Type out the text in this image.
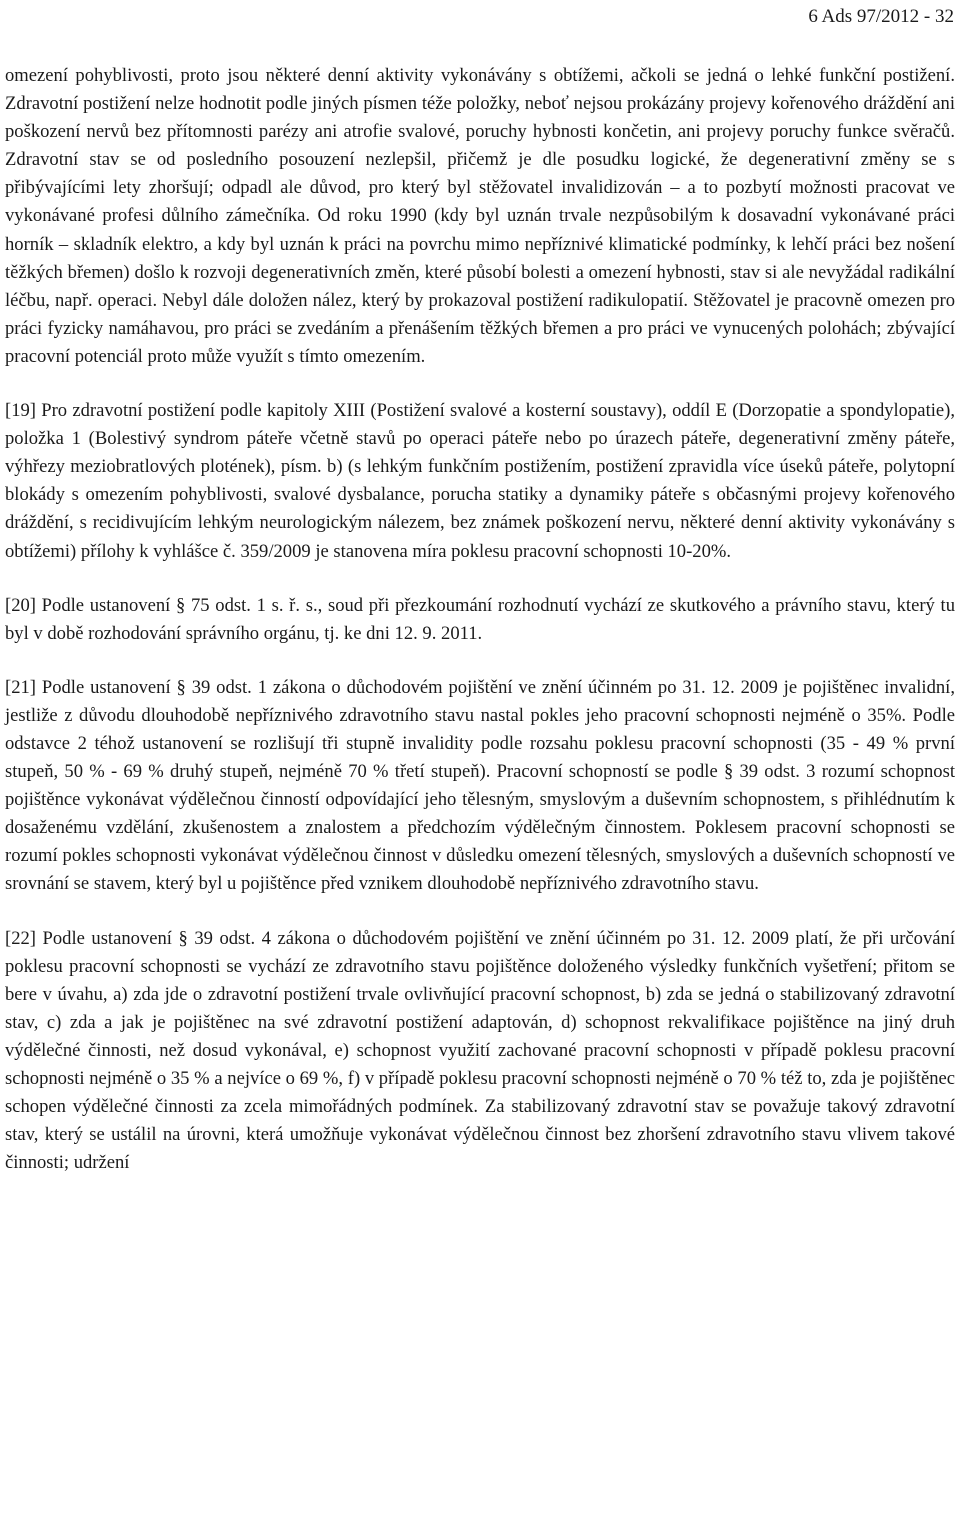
6 Ads 97/2012 - 32

omezení pohyblivosti, proto jsou některé denní aktivity vykonávány s obtížemi, ačkoli se jedná o lehké funkční postižení. Zdravotní postižení nelze hodnotit podle jiných písmen téže položky, neboť nejsou prokázány projevy kořenového dráždění ani poškození nervů bez přítomnosti parézy ani atrofie svalové, poruchy hybnosti končetin, ani projevy poruchy funkce svěračů. Zdravotní stav se od posledního posouzení nezlepšil, přičemž je dle posudku logické, že degenerativní změny se s přibývajícími lety zhoršují; odpadl ale důvod, pro který byl stěžovatel invalidizován – a to pozbytí možnosti pracovat ve vykonávané profesi důlního zámečníka. Od roku 1990 (kdy byl uznán trvale nezpůsobilým k dosavadní vykonávané práci horník – skladník elektro, a kdy byl uznán k práci na povrchu mimo nepříznivé klimatické podmínky, k lehčí práci bez nošení těžkých břemen) došlo k rozvoji degenerativních změn, které působí bolesti a omezení hybnosti, stav si ale nevyžádal radikální léčbu, např. operaci. Nebyl dále doložen nález, který by prokazoval postižení radikulopatií. Stěžovatel je pracovně omezen pro práci fyzicky namáhavou, pro práci se zvedáním a přenášením těžkých břemen a pro práci ve vynucených polohách; zbývající pracovní potenciál proto může využít s tímto omezením.

[19] Pro zdravotní postižení podle kapitoly XIII (Postižení svalové a kosterní soustavy), oddíl E (Dorzopatie a spondylopatie), položka 1 (Bolestivý syndrom páteře včetně stavů po operaci páteře nebo po úrazech páteře, degenerativní změny páteře, výhřezy meziobratlových plotének), písm. b) (s lehkým funkčním postižením, postižení zpravidla více úseků páteře, polytopní blokády s omezením pohyblivosti, svalové dysbalance, porucha statiky a dynamiky páteře s občasnými projevy kořenového dráždění, s recidivujícím lehkým neurologickým nálezem, bez známek poškození nervu, některé denní aktivity vykonávány s obtížemi) přílohy k vyhlášce č. 359/2009 je stanovena míra poklesu pracovní schopnosti 10-20%.

[20] Podle ustanovení § 75 odst. 1 s. ř. s., soud při přezkoumání rozhodnutí vychází ze skutkového a právního stavu, který tu byl v době rozhodování správního orgánu, tj. ke dni 12. 9. 2011.

[21] Podle ustanovení § 39 odst. 1 zákona o důchodovém pojištění ve znění účinném po 31. 12. 2009 je pojištěnec invalidní, jestliže z důvodu dlouhodobě nepříznivého zdravotního stavu nastal pokles jeho pracovní schopnosti nejméně o 35%. Podle odstavce 2 téhož ustanovení se rozlišují tři stupně invalidity podle rozsahu poklesu pracovní schopnosti (35 - 49 % první stupeň, 50 % - 69 % druhý stupeň, nejméně 70 % třetí stupeň). Pracovní schopností se podle § 39 odst. 3 rozumí schopnost pojištěnce vykonávat výdělečnou činností odpovídající jeho tělesným, smyslovým a duševním schopnostem, s přihlédnutím k dosaženému vzdělání, zkušenostem a znalostem a předchozím výdělečným činnostem. Poklesem pracovní schopnosti se rozumí pokles schopnosti vykonávat výdělečnou činnost v důsledku omezení tělesných, smyslových a duševních schopností ve srovnání se stavem, který byl u pojištěnce před vznikem dlouhodobě nepříznivého zdravotního stavu.

[22] Podle ustanovení § 39 odst. 4 zákona o důchodovém pojištění ve znění účinném po 31. 12. 2009 platí, že při určování poklesu pracovní schopnosti se vychází ze zdravotního stavu pojištěnce doloženého výsledky funkčních vyšetření; přitom se bere v úvahu, a) zda jde o zdravotní postižení trvale ovlivňující pracovní schopnost, b) zda se jedná o stabilizovaný zdravotní stav, c) zda a jak je pojištěnec na své zdravotní postižení adaptován, d) schopnost rekvalifikace pojištěnce na jiný druh výdělečné činnosti, než dosud vykonával, e) schopnost využití zachované pracovní schopnosti v případě poklesu pracovní schopnosti nejméně o 35 % a nejvíce o 69 %, f) v případě poklesu pracovní schopnosti nejméně o 70 % též to, zda je pojištěnec schopen výdělečné činnosti za zcela mimořádných podmínek. Za stabilizovaný zdravotní stav se považuje takový zdravotní stav, který se ustálil na úrovni, která umožňuje vykonávat výdělečnou činnost bez zhoršení zdravotního stavu vlivem takové činnosti; udržení
